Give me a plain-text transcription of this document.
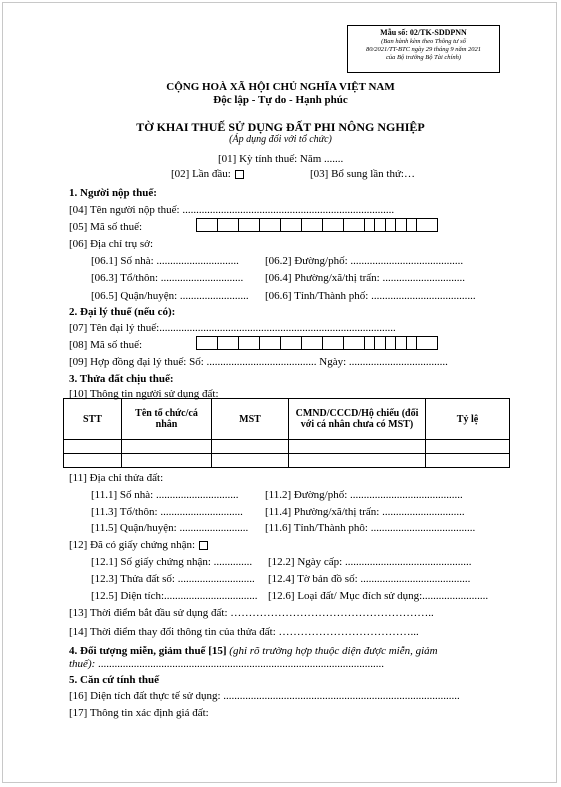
Mẫu số: 02/TK-SDDPNN
(Ban hành kèm theo Thông tư số
80/2021/TT-BTC ngày 29 tháng 9 năm 2021
của Bộ trưởng Bộ Tài chính)
CỘNG HOÀ XÃ HỘI CHỦ NGHĨA VIỆT NAM
Độc lập - Tự do - Hạnh phúc
TỜ KHAI THUẾ SỬ DỤNG ĐẤT PHI NÔNG NGHIỆP
(Áp dụng đối với tổ chức)
[01] Kỳ tính thuế: Năm .......
[02] Lần đầu:	[03] Bổ sung lần thứ:…
1. Người nộp thuế:
[04] Tên người nộp thuế: .............................................................................
[05] Mã số thuế:
[06] Địa chỉ trụ sở:
[06.1] Số nhà: .............................. [06.2] Đường/phố: .........................................
[06.3] Tổ/thôn: .............................. [06.4] Phường/xã/thị trấn: ..............................
[06.5] Quận/huyện: ......................... [06.6] Tỉnh/Thành phố: ......................................
2. Đại lý thuế (nếu có):
[07] Tên đại lý thuế:......................................................................................
[08] Mã số thuế:
[09] Hợp đồng đại lý thuế: Số: ........................................ Ngày: ....................................
3. Thửa đất chịu thuế:
[10] Thông tin người sử dụng đất:
STT	Tên tổ chức/cá nhân	MST	CMND/CCCD/Hộ chiếu (đối với cá nhân chưa có MST)	Tỷ lệ

[11] Địa chỉ thửa đất:
[11.1] Số nhà: .............................. [11.2] Đường/phố: .........................................
[11.3] Tổ/thôn: .............................. [11.4] Phường/xã/thị trấn: ..............................
[11.5] Quận/huyện: ......................... [11.6] Tỉnh/Thành phô: ......................................
[12] Đã có giấy chứng nhận:
[12.1] Số giấy chứng nhận: .............. [12.2] Ngày cấp: ..............................................
[12.3] Thửa đất số: ............................ [12.4] Tờ bản đồ số: ........................................
[12.5] Diện tích:.................................. [12.6] Loại đất/ Mục đích sử dụng:........................
[13] Thời điểm bắt đầu sử dụng đất: ………………………………………………..
[14] Thời điểm thay đổi thông tin của thửa đất: ………………………………...
4. Đối tượng miễn, giảm thuế [15] (ghi rõ trường hợp thuộc diện được miễn, giảm
thuế): ........................................................................................................
5. Căn cứ tính thuế
[16] Diện tích đất thực tế sử dụng: ......................................................................................
[17] Thông tin xác định giá đất:
